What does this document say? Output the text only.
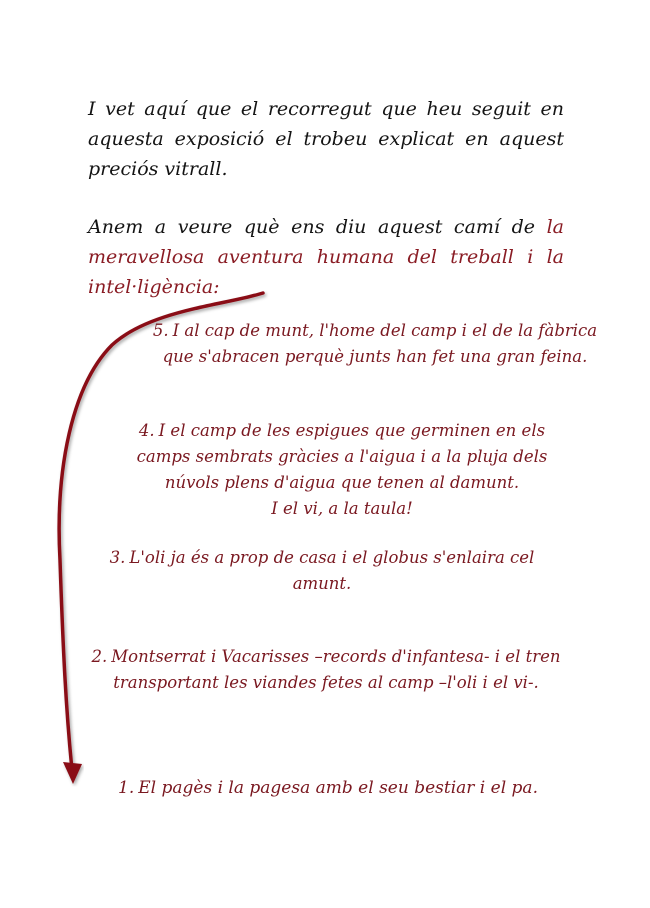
I vet aquí que el recorregut que heu seguit en aquesta exposició el trobeu explicat en aquest preciós vitrall.

Anem a veure què ens diu aquest camí de la meravellosa aventura humana del treball i la intel·ligència:

5. I al cap de munt, l'home del camp i el de la fàbrica que s'abracen perquè junts han fet una gran feina.
4. I el camp de les espigues que germinen en els camps sembrats gràcies a l'aigua i a la pluja dels núvols plens d'aigua que tenen al damunt.
I el vi, a la taula!
3. L'oli ja és a prop de casa i el globus s'enlaira cel amunt.
2. Montserrat i Vacarisses –records d'infantesa- i el tren transportant les viandes fetes al camp –l'oli i el vi-.
1. El pagès i la pagesa amb el seu bestiar i el pa.
